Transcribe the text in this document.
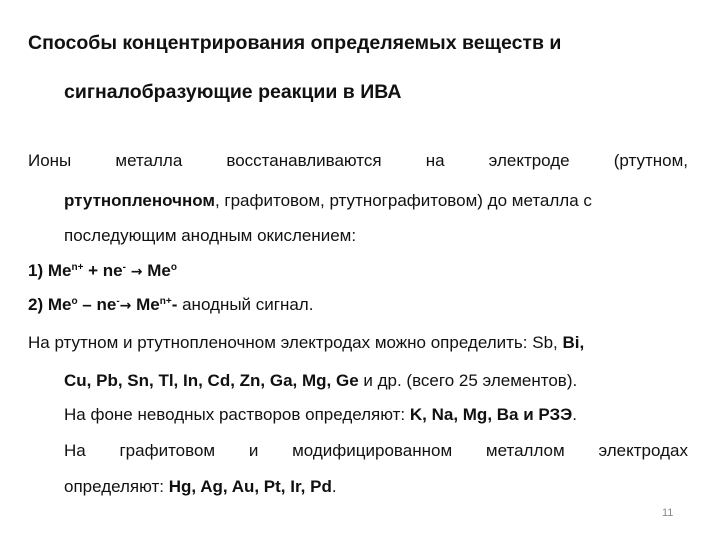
Способы концентрирования определяемых веществ и
сигналобразующие реакции в ИВА
Ионы	металла	восстанавливаются	на	электроде	(ртутном,
ртутнопленочном, графитовом, ртутнографитовом) до металла с
последующим анодным окислением:
1) $Me^{n+} + ne^- \to Me^o$
2) $Me^o - ne^-\to Me^{n+}-$ анодный сигнал.
На ртутном и ртутнопленочном электродах можно определить: Sb, Bi,
Cu, Pb, Sn, Tl, In, Cd, Zn, Ga, Mg, Ge и др. (всего 25 элементов).
На фоне неводных растворов определяют: K, Na, Mg, Ba и РЗЭ.
На графитовом и модифицированном металлом электродах
определяют: Hg, Ag, Au, Pt, Ir, Pd.
11
